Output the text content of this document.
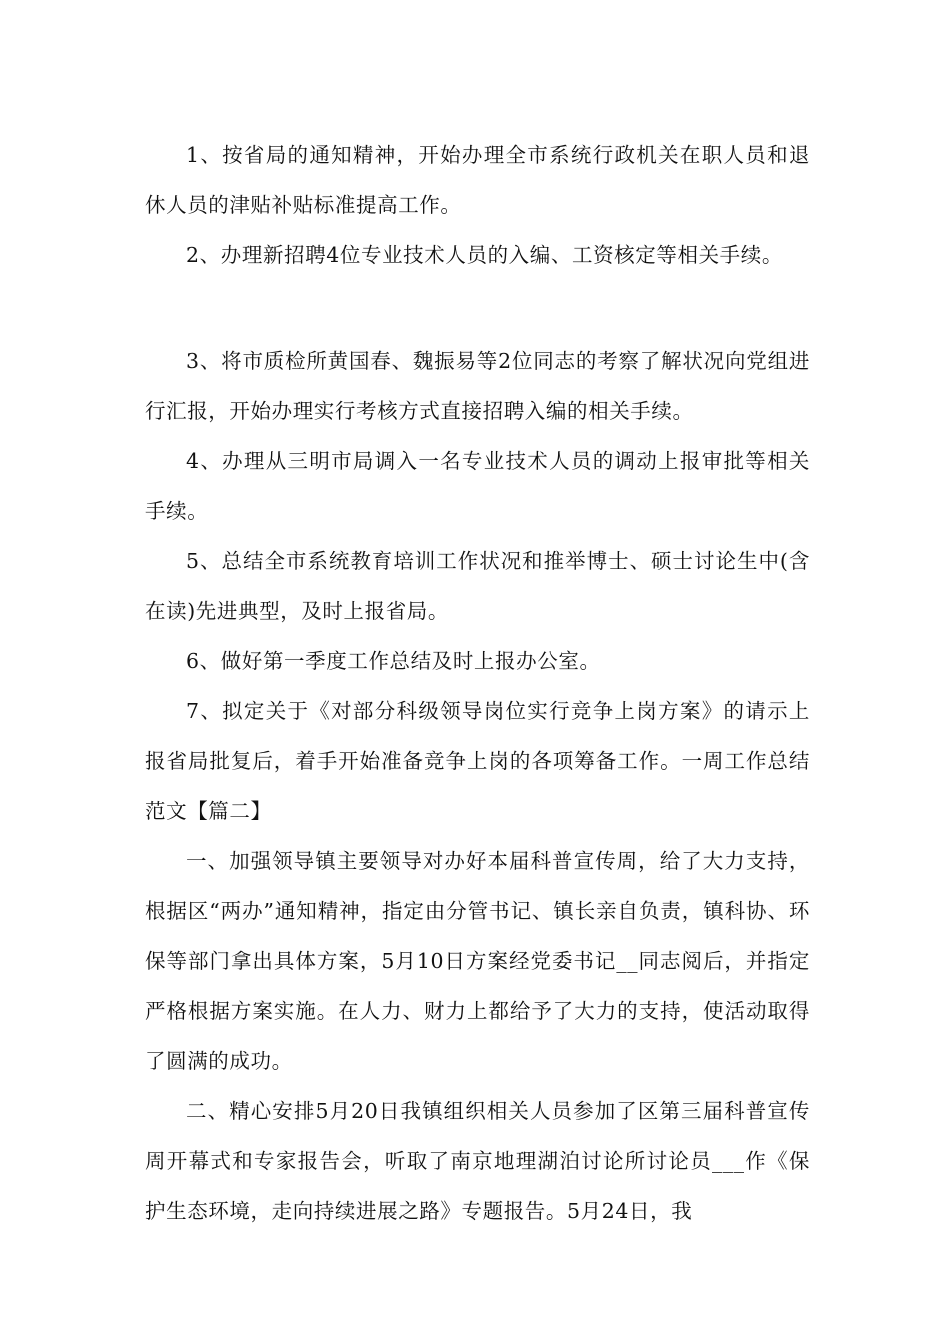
1、按省局的通知精神，开始办理全市系统行政机关在职人员和退休人员的津贴补贴标准提高工作。

2、办理新招聘4位专业技术人员的入编、工资核定等相关手续。

3、将市质检所黄国春、魏振易等2位同志的考察了解状况向党组进行汇报，开始办理实行考核方式直接招聘入编的相关手续。

4、办理从三明市局调入一名专业技术人员的调动上报审批等相关手续。

5、总结全市系统教育培训工作状况和推举博士、硕士讨论生中(含在读)先进典型，及时上报省局。

6、做好第一季度工作总结及时上报办公室。

7、拟定关于《对部分科级领导岗位实行竞争上岗方案》的请示上报省局批复后，着手开始准备竞争上岗的各项筹备工作。一周工作总结范文【篇二】

一、加强领导镇主要领导对办好本届科普宣传周，给了大力支持，根据区“两办”通知精神，指定由分管书记、镇长亲自负责，镇科协、环保等部门拿出具体方案，5月10日方案经党委书记__同志阅后，并指定严格根据方案实施。在人力、财力上都给予了大力的支持，使活动取得了圆满的成功。

二、精心安排5月20日我镇组织相关人员参加了区第三届科普宣传周开幕式和专家报告会，听取了南京地理湖泊讨论所讨论员___作《保护生态环境，走向持续进展之路》专题报告。5月24日，我
